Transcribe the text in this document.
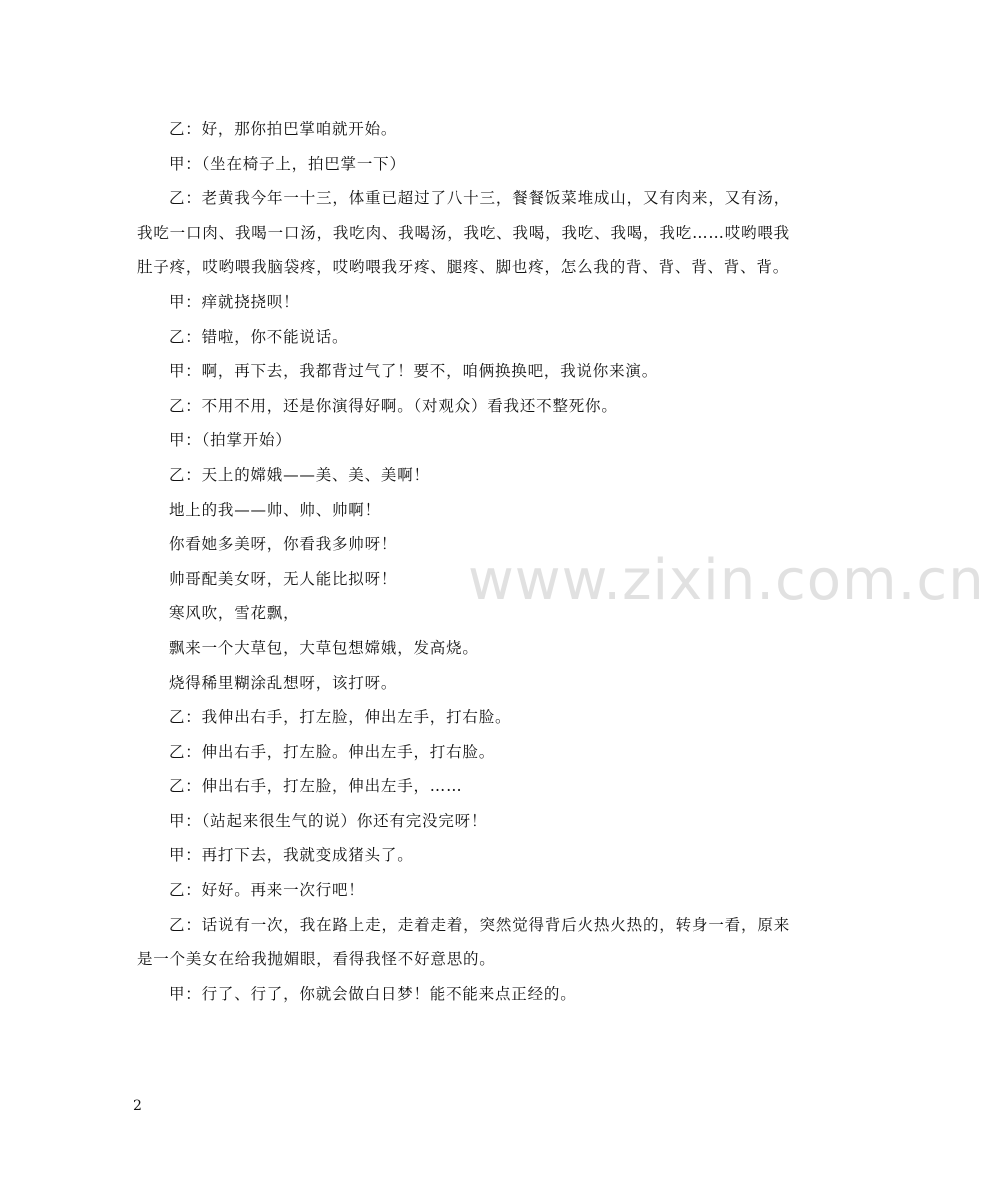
乙：好，那你拍巴掌咱就开始。

甲：（坐在椅子上，拍巴掌一下）

乙：老黄我今年一十三，体重已超过了八十三，餐餐饭菜堆成山，又有肉来，又有汤，我吃一口肉、我喝一口汤，我吃肉、我喝汤，我吃、我喝，我吃、我喝，我吃……哎哟喂我肚子疼，哎哟喂我脑袋疼，哎哟喂我牙疼、腿疼、脚也疼，怎么我的背、背、背、背、背。

甲：痒就挠挠呗！

乙：错啦，你不能说话。

甲：啊，再下去，我都背过气了！要不，咱俩换换吧，我说你来演。

乙：不用不用，还是你演得好啊。（对观众）看我还不整死你。

甲：（拍掌开始）

乙：天上的嫦娥——美、美、美啊！

地上的我——帅、帅、帅啊！

你看她多美呀，你看我多帅呀！

帅哥配美女呀，无人能比拟呀！

寒风吹，雪花飘，

飘来一个大草包，大草包想嫦娥，发高烧。

烧得稀里糊涂乱想呀，该打呀。

乙：我伸出右手，打左脸，伸出左手，打右脸。

乙：伸出右手，打左脸。伸出左手，打右脸。

乙：伸出右手，打左脸，伸出左手，……

甲：（站起来很生气的说）你还有完没完呀！

甲：再打下去，我就变成猪头了。

乙：好好。再来一次行吧！

乙：话说有一次，我在路上走，走着走着，突然觉得背后火热火热的，转身一看，原来是一个美女在给我抛媚眼，看得我怪不好意思的。

甲：行了、行了，你就会做白日梦！能不能来点正经的。

www.zixin.com.cn
2
